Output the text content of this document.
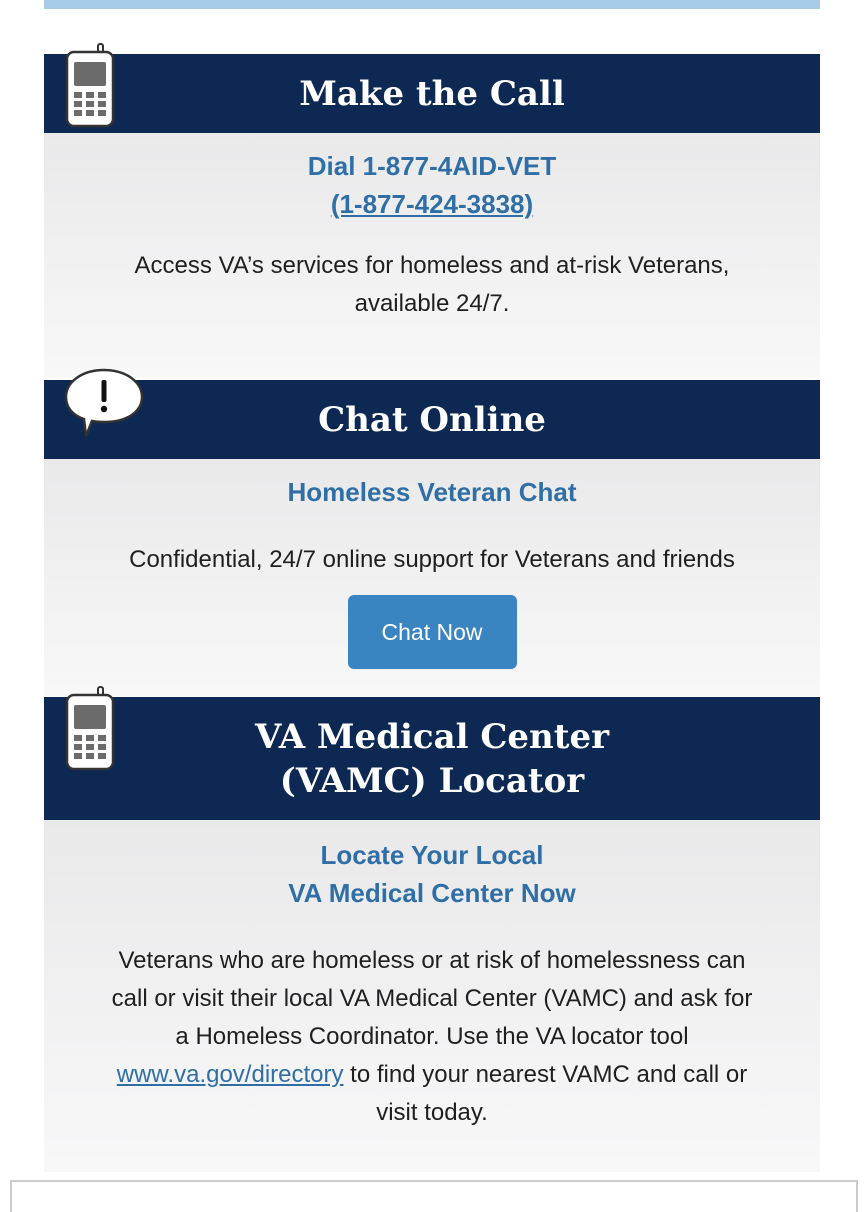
Make the Call
Dial 1-877-4AID-VET
(1-877-424-3838)
Access VA’s services for homeless and at-risk Veterans,
available 24/7.
Chat Online
Homeless Veteran Chat
Confidential, 24/7 online support for Veterans and friends
Chat Now
VA Medical Center
(VAMC) Locator
Locate Your Local
VA Medical Center Now
Veterans who are homeless or at risk of homelessness can
call or visit their local VA Medical Center (VAMC) and ask for
a Homeless Coordinator. Use the VA locator tool
www.va.gov/directory to find your nearest VAMC and call or
visit today.
